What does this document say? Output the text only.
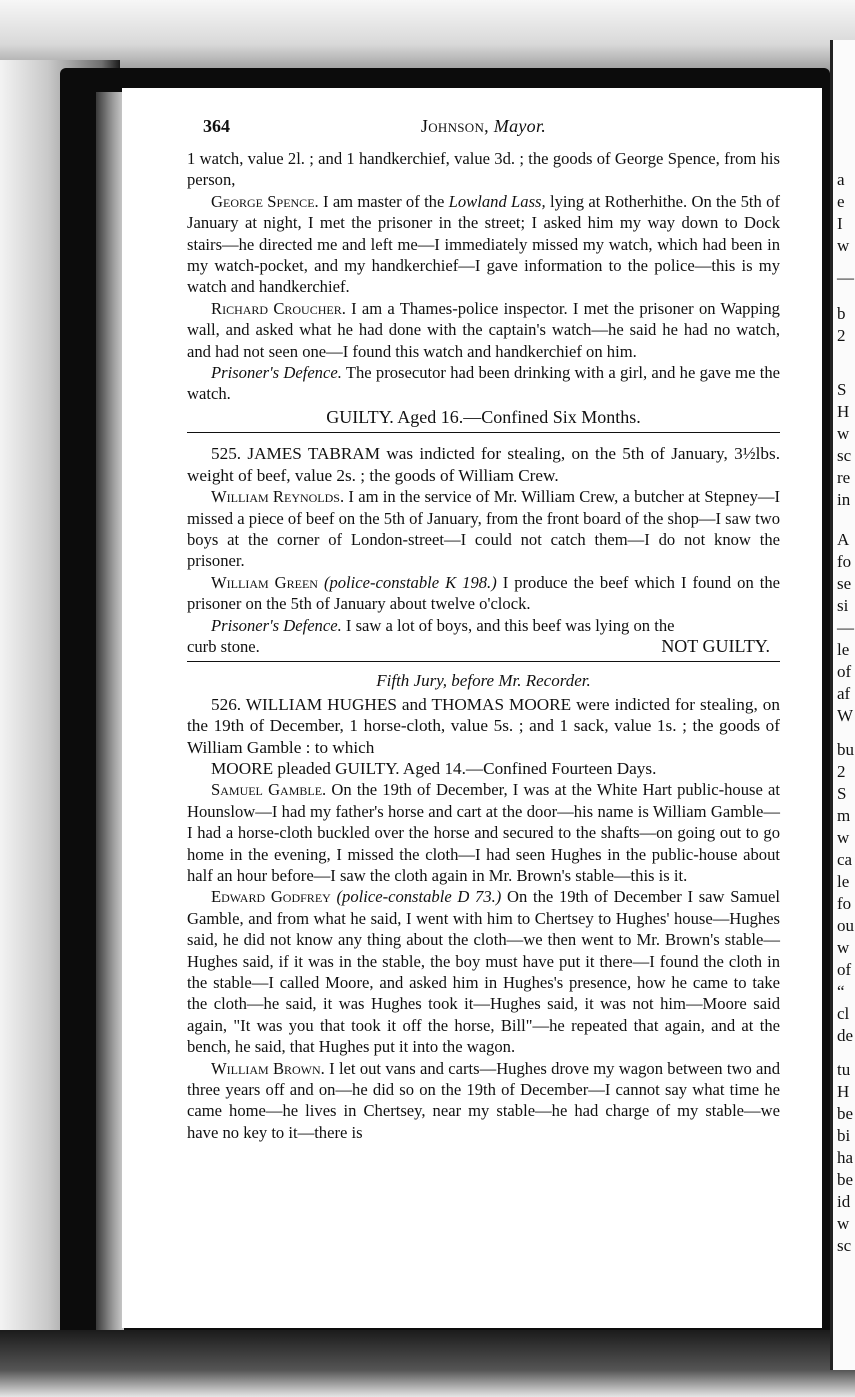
a
e
I
w
—
b
2
S
H
w
sc
re
in
A
fo
se
si
—
le
of
af
W
bu
2
S
m
w
ca
le
fo
ou
w
of
“
cl
de
tu
H
be
bi
ha
be
id
w
sc
364	Johnson, Mayor.

1 watch, value 2l. ; and 1 handkerchief, value 3d. ; the goods of George Spence, from his person,

George Spence. I am master of the Lowland Lass, lying at Rotherhithe. On the 5th of January at night, I met the prisoner in the street; I asked him my way down to Dock stairs—he directed me and left me—I immediately missed my watch, which had been in my watch-pocket, and my handkerchief—I gave information to the police—this is my watch and handkerchief.

Richard Croucher. I am a Thames-police inspector. I met the prisoner on Wapping wall, and asked what he had done with the captain's watch—he said he had no watch, and had not seen one—I found this watch and handkerchief on him.

Prisoner's Defence. The prosecutor had been drinking with a girl, and he gave me the watch.

GUILTY. Aged 16.—Confined Six Months.

525. JAMES TABRAM was indicted for stealing, on the 5th of January, 3½lbs. weight of beef, value 2s. ; the goods of William Crew.

William Reynolds. I am in the service of Mr. William Crew, a butcher at Stepney—I missed a piece of beef on the 5th of January, from the front board of the shop—I saw two boys at the corner of London-street—I could not catch them—I do not know the prisoner.

William Green (police-constable K 198.) I produce the beef which I found on the prisoner on the 5th of January about twelve o'clock.

Prisoner's Defence. I saw a lot of boys, and this beef was lying on the

curb stone.	NOT GUILTY.
Fifth Jury, before Mr. Recorder.

526. WILLIAM HUGHES and THOMAS MOORE were indicted for stealing, on the 19th of December, 1 horse-cloth, value 5s. ; and 1 sack, value 1s. ; the goods of William Gamble : to which

MOORE pleaded GUILTY. Aged 14.—Confined Fourteen Days.

Samuel Gamble. On the 19th of December, I was at the White Hart public-house at Hounslow—I had my father's horse and cart at the door—his name is William Gamble—I had a horse-cloth buckled over the horse and secured to the shafts—on going out to go home in the evening, I missed the cloth—I had seen Hughes in the public-house about half an hour before—I saw the cloth again in Mr. Brown's stable—this is it.

Edward Godfrey (police-constable D 73.) On the 19th of December I saw Samuel Gamble, and from what he said, I went with him to Chertsey to Hughes' house—Hughes said, he did not know any thing about the cloth—we then went to Mr. Brown's stable—Hughes said, if it was in the stable, the boy must have put it there—I found the cloth in the stable—I called Moore, and asked him in Hughes's presence, how he came to take the cloth—he said, it was Hughes took it—Hughes said, it was not him—Moore said again, "It was you that took it off the horse, Bill"—he repeated that again, and at the bench, he said, that Hughes put it into the wagon.

William Brown. I let out vans and carts—Hughes drove my wagon between two and three years off and on—he did so on the 19th of December—I cannot say what time he came home—he lives in Chertsey, near my stable—he had charge of my stable—we have no key to it—there is
